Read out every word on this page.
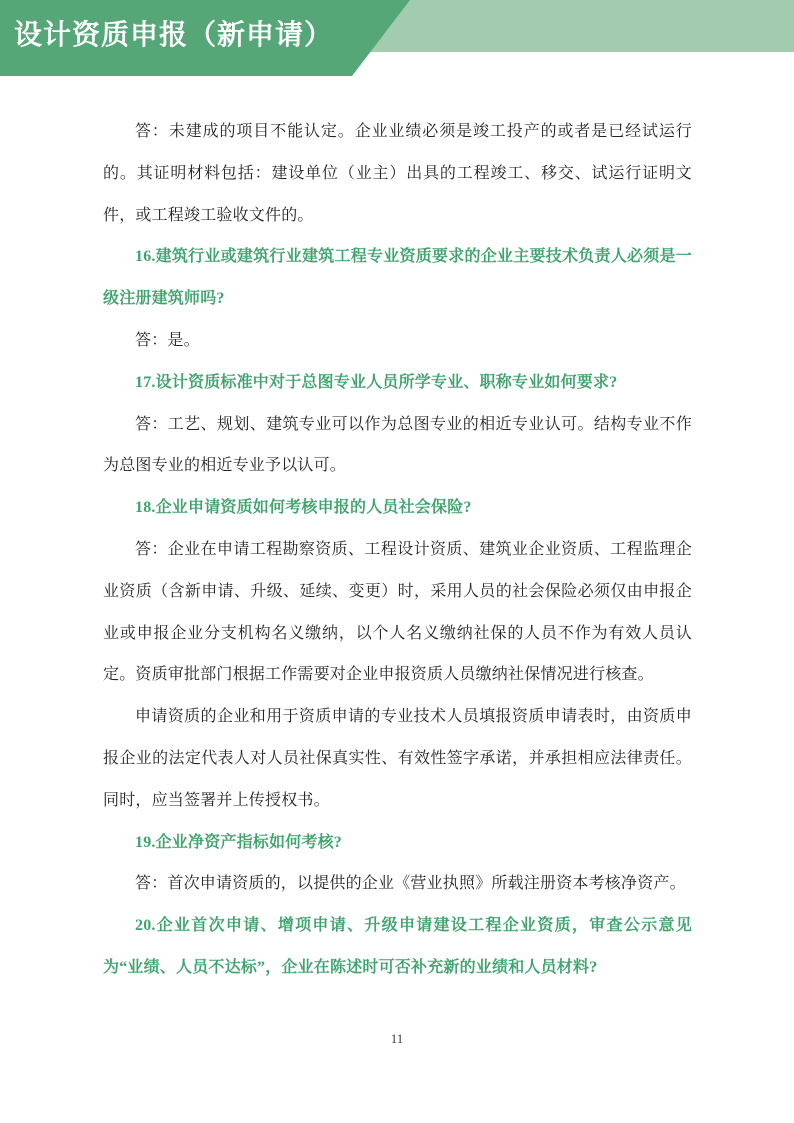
设计资质申报（新申请）

答：未建成的项目不能认定。企业业绩必须是竣工投产的或者是已经试运行的。其证明材料包括：建设单位（业主）出具的工程竣工、移交、试运行证明文件，或工程竣工验收文件的。

16.建筑行业或建筑行业建筑工程专业资质要求的企业主要技术负责人必须是一级注册建筑师吗?

答：是。

17.设计资质标准中对于总图专业人员所学专业、职称专业如何要求?

答：工艺、规划、建筑专业可以作为总图专业的相近专业认可。结构专业不作为总图专业的相近专业予以认可。

18.企业申请资质如何考核申报的人员社会保险?

答：企业在申请工程勘察资质、工程设计资质、建筑业企业资质、工程监理企业资质（含新申请、升级、延续、变更）时，采用人员的社会保险必须仅由申报企业或申报企业分支机构名义缴纳，以个人名义缴纳社保的人员不作为有效人员认定。资质审批部门根据工作需要对企业申报资质人员缴纳社保情况进行核查。

申请资质的企业和用于资质申请的专业技术人员填报资质申请表时，由资质申报企业的法定代表人对人员社保真实性、有效性签字承诺，并承担相应法律责任。同时，应当签署并上传授权书。

19.企业净资产指标如何考核?

答：首次申请资质的，以提供的企业《营业执照》所载注册资本考核净资产。

20.企业首次申请、增项申请、升级申请建设工程企业资质，审查公示意见为“业绩、人员不达标”，企业在陈述时可否补充新的业绩和人员材料?

11
